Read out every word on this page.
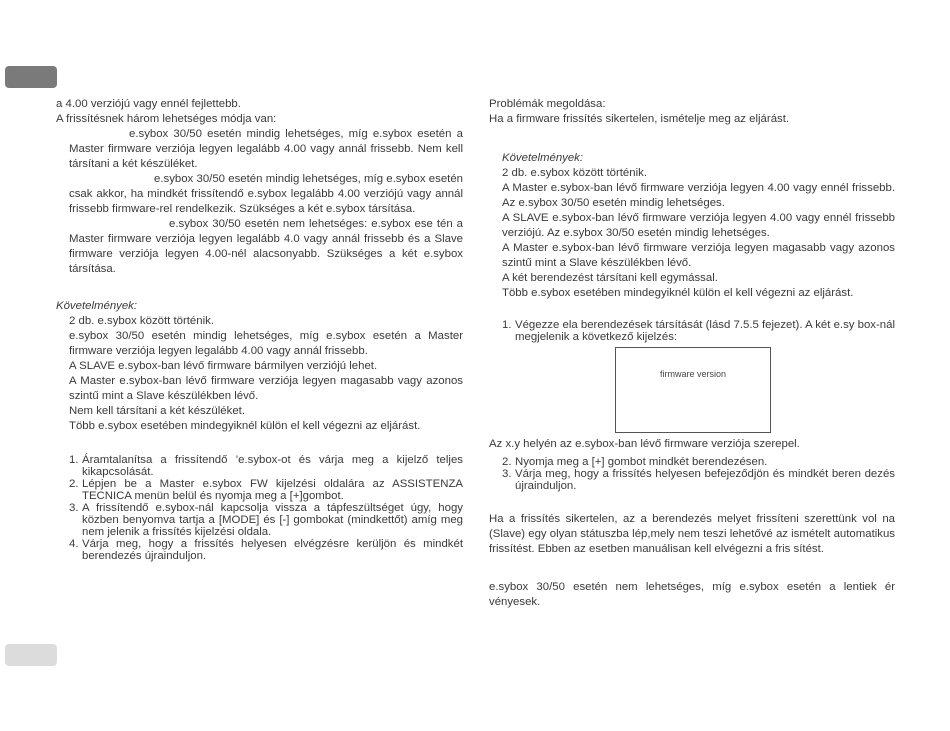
a 4.00 verziójú vagy ennél fejlettebb.

A frissítésnek három lehetséges módja van:

e.sybox 30/50 esetén mindig lehetséges, míg e.sybox esetén a Master firmware verziója legyen legalább 4.00 vagy annál frissebb. Nem kell társítani a két készüléket.

e.sybox 30/50 esetén mindig lehetséges, míg e.sybox esetén csak akkor, ha mindkét frissítendő e.sybox legalább 4.00 verziójú vagy annál frissebb firmware-rel rendelkezik. Szükséges a két e.sybox társítása.

e.sybox 30/50 esetén nem lehetséges: e.sybox ese tén a Master firmware verziója legyen legalább 4.0 vagy annál frissebb és a Slave firmware verziója legyen 4.00-nél alacsonyabb. Szükséges a két e.sybox társítása.

Követelmények:

2 db. e.sybox között történik.

e.sybox 30/50 esetén mindig lehetséges, míg e.sybox esetén a Master firmware verziója legyen legalább 4.00 vagy annál frissebb.

A SLAVE e.sybox-ban lévő firmware bármilyen verziójú lehet.

A Master e.sybox-ban lévő firmware verziója legyen magasabb vagy azonos szintű mint a Slave készülékben lévő.

Nem kell társítani a két készüléket.

Több e.sybox esetében mindegyiknél külön el kell végezni az eljárást.

1. Áramtalanítsa a frissítendő ’e.sybox-ot és várja meg a kijelző teljes kikapcsolását.
2. Lépjen be a Master e.sybox FW kijelzési oldalára az ASSISTENZA TECNICA menün belül és nyomja meg a [+]gombot.
3. A frissítendő e.sybox-nál kapcsolja vissza a tápfeszültséget úgy, hogy közben benyomva tartja a [MODE] és [-] gombokat (mindkettőt) amíg meg nem jelenik a frissítés kijelzési oldala.
4. Várja meg, hogy a frissítés helyesen elvégzésre kerüljön és mindkét berendezés újrainduljon.

Problémák megoldása:

Ha a firmware frissítés sikertelen, ismételje meg az eljárást.

Követelmények:

2 db. e.sybox között történik.

A Master e.sybox-ban lévő firmware verziója legyen 4.00 vagy ennél frissebb. Az e.sybox 30/50 esetén mindig lehetséges.

A SLAVE e.sybox-ban lévő firmware verziója legyen 4.00 vagy ennél frissebb verziójú. Az e.sybox 30/50 esetén mindig lehetséges.

A Master e.sybox-ban lévő firmware verziója legyen magasabb vagy azonos szintű mint a Slave készülékben lévő.

A két berendezést társítani kell egymással.

Több e.sybox esetében mindegyiknél külön el kell végezni az eljárást.

1. Végezze ela berendezések társítását (lásd 7.5.5 fejezet). A két e.sy box-nál megjelenik a következő kijelzés:
firmware version

Az x.y helyén az e.sybox-ban lévő firmware verziója szerepel.

2. Nyomja meg a [+] gombot mindkét berendezésen.
3. Várja meg, hogy a frissítés helyesen befejeződjön és mindkét beren dezés újrainduljon.

Ha a frissítés sikertelen, az a berendezés melyet frissíteni szerettünk vol na (Slave) egy olyan státuszba lép,mely nem teszi lehetővé az ismételt automatikus frissítést. Ebben az esetben manuálisan kell elvégezni a fris sítést.

e.sybox 30/50 esetén nem lehetséges, míg e.sybox esetén a lentiek ér vényesek.
